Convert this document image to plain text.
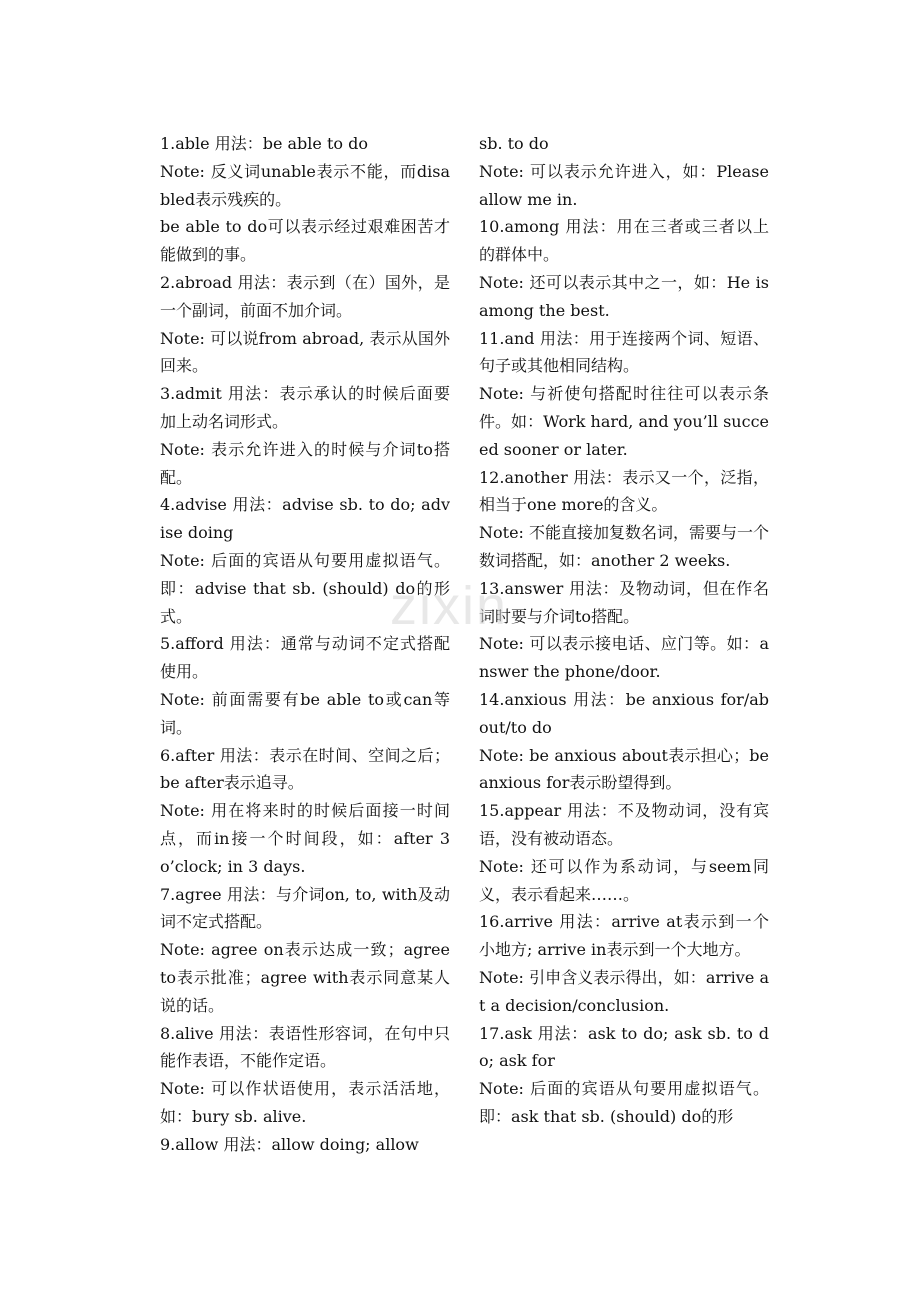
1.able 用法：be able to do

Note: 反义词unable表示不能，而disabled表示残疾的。

be able to do可以表示经过艰难困苦才能做到的事。

2.abroad 用法：表示到（在）国外，是一个副词，前面不加介词。

Note: 可以说from abroad, 表示从国外回来。

3.admit 用法：表示承认的时候后面要加上动名词形式。

Note: 表示允许进入的时候与介词to搭配。

4.advise 用法：advise sb. to do; advise doing

Note: 后面的宾语从句要用虚拟语气。即：advise that sb. (should) do的形式。

5.afford 用法：通常与动词不定式搭配使用。

Note: 前面需要有be able to或can等词。

6.after 用法：表示在时间、空间之后；be after表示追寻。

Note: 用在将来时的时候后面接一时间点，而in接一个时间段，如：after 3 o’clock; in 3 days.

7.agree 用法：与介词on, to, with及动词不定式搭配。

Note: agree on表示达成一致；agree to表示批准；agree with表示同意某人说的话。

8.alive 用法：表语性形容词，在句中只能作表语，不能作定语。

Note: 可以作状语使用，表示活活地，如：bury sb. alive.

9.allow 用法：allow doing; allow

sb. to do

Note: 可以表示允许进入，如：Please allow me in.

10.among 用法：用在三者或三者以上的群体中。

Note: 还可以表示其中之一，如：He is among the best.

11.and 用法：用于连接两个词、短语、句子或其他相同结构。

Note: 与祈使句搭配时往往可以表示条件。如：Work hard, and you’ll succeed sooner or later.

12.another 用法：表示又一个，泛指，相当于one more的含义。

Note: 不能直接加复数名词，需要与一个数词搭配，如：another 2 weeks.

13.answer 用法：及物动词，但在作名词时要与介词to搭配。

Note: 可以表示接电话、应门等。如：answer the phone/door.

14.anxious 用法：be anxious for/about/to do

Note: be anxious about表示担心；be anxious for表示盼望得到。

15.appear 用法：不及物动词，没有宾语，没有被动语态。

Note: 还可以作为系动词，与seem同义，表示看起来……。

16.arrive 用法：arrive at表示到一个小地方; arrive in表示到一个大地方。

Note: 引申含义表示得出，如：arrive at a decision/conclusion.

17.ask 用法：ask to do; ask sb. to do; ask for

Note: 后面的宾语从句要用虚拟语气。即：ask that sb. (should) do的形

zixin
